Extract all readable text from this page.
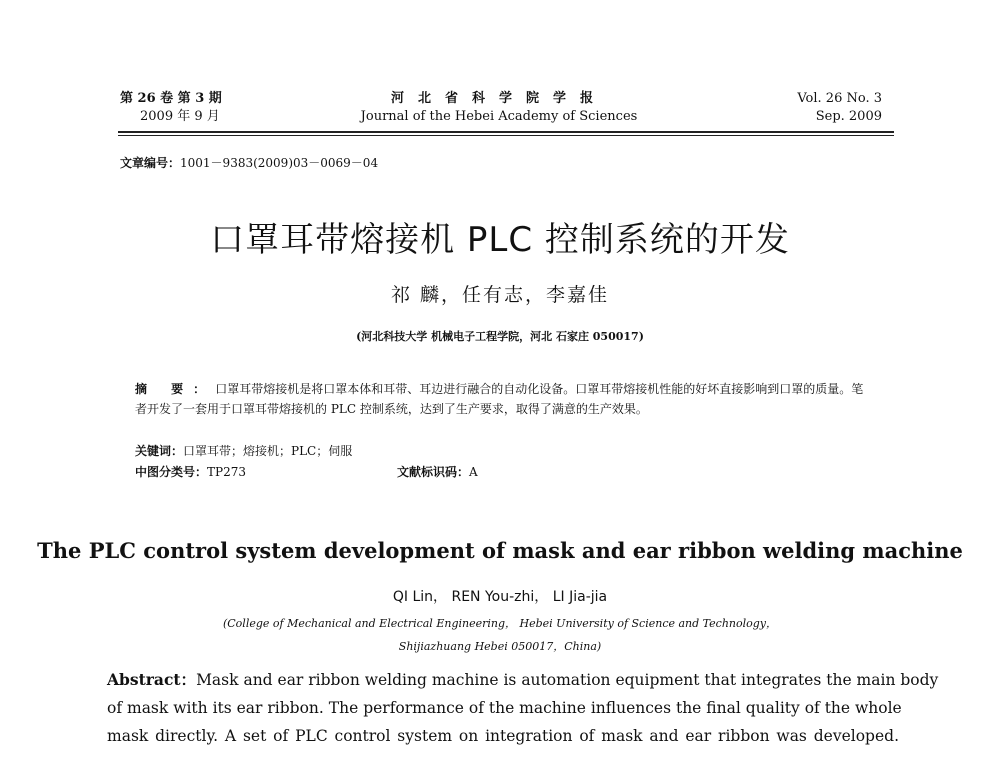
第 26 卷 第 3 期
2009 年 9 月
河北省科学院学报
Journal of the Hebei Academy of Sciences
Vol. 26 No. 3
Sep. 2009
文章编号：1001－9383(2009)03－0069－04
口罩耳带熔接机 PLC 控制系统的开发
祁 麟，任有志，李嘉佳
(河北科技大学 机械电子工程学院，河北 石家庄 050017)
摘 要：口罩耳带熔接机是将口罩本体和耳带、耳边进行融合的自动化设备。口罩耳带熔接机性能的好坏直接影响到口罩的质量。笔者开发了一套用于口罩耳带熔接机的 PLC 控制系统，达到了生产要求，取得了满意的生产效果。
关键词：口罩耳带；熔接机；PLC；伺服
中图分类号：TP273	文献标识码：A
The PLC control system development of mask and ear ribbon welding machine
QI Lin， REN You-zhi， LI Jia-jia
(College of Mechanical and Electrical Engineering， Hebei University of Science and Technology，
Shijiazhuang Hebei 050017，China)
Abstract：Mask and ear ribbon welding machine is automation equipment that integrates the main body
of mask with its ear ribbon. The performance of the machine influences the final quality of the whole
mask directly. A set of PLC control system on integration of mask and ear ribbon was developed.
